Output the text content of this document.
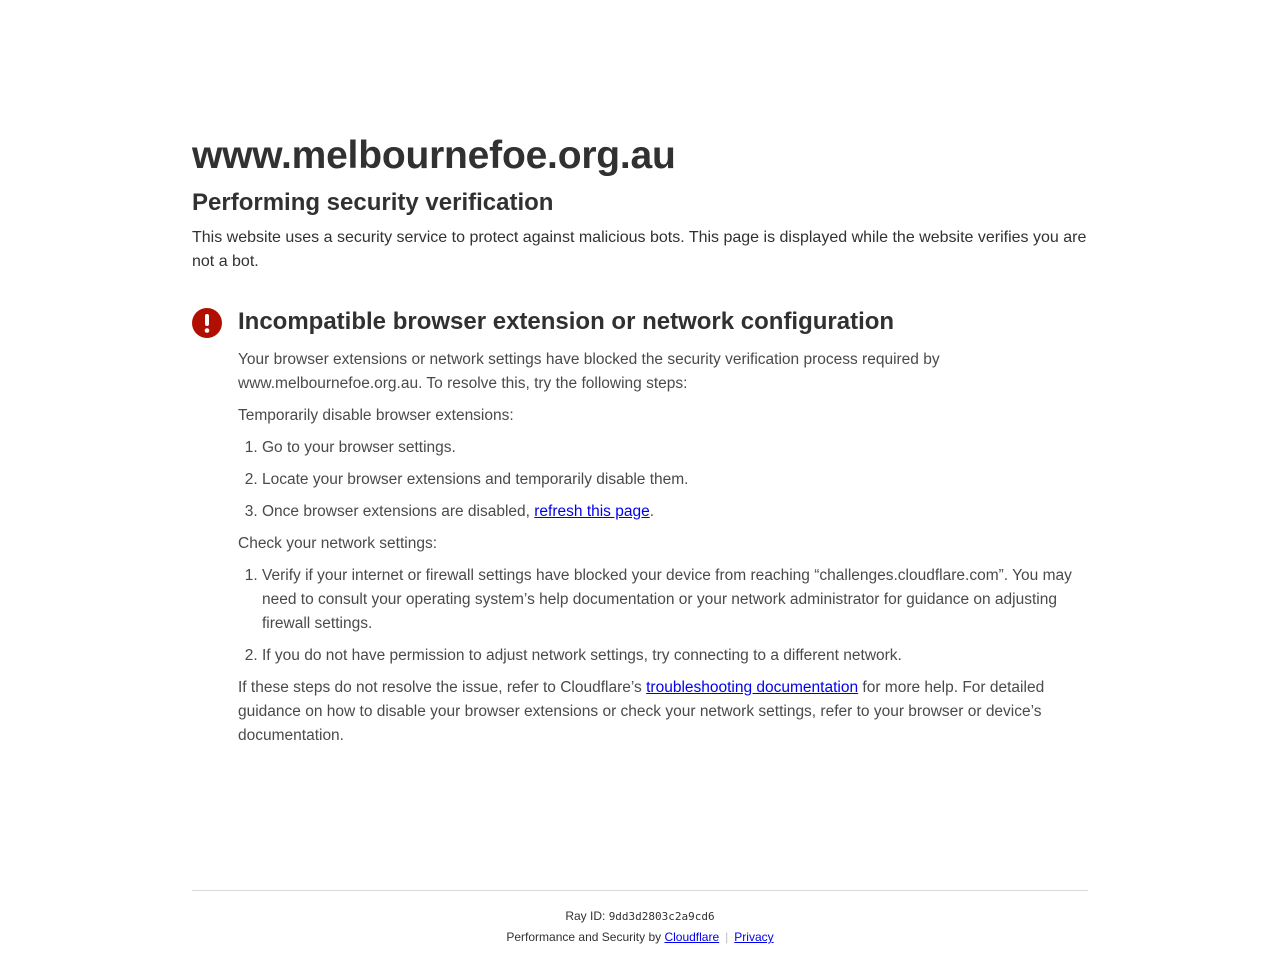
www.melbournefoe.org.au
Performing security verification

This website uses a security service to protect against malicious bots. This page is displayed while the website verifies you are not a bot.

Incompatible browser extension or network configuration

Your browser extensions or network settings have blocked the security verification process required by www.melbournefoe.org.au. To resolve this, try the following steps:

Temporarily disable browser extensions:

1. Go to your browser settings.
2. Locate your browser extensions and temporarily disable them.
3. Once browser extensions are disabled, refresh this page.

Check your network settings:

1. Verify if your internet or firewall settings have blocked your device from reaching “challenges.cloudflare.com”. You may need to consult your operating system’s help documentation or your network administrator for guidance on adjusting firewall settings.
2. If you do not have permission to adjust network settings, try connecting to a different network.

If these steps do not resolve the issue, refer to Cloudflare’s troubleshooting documentation for more help. For detailed guidance on how to disable your browser extensions or check your network settings, refer to your browser or device’s documentation.

Ray ID: 9dd3d2803c2a9cd6
Performance and Security by Cloudflare | Privacy
